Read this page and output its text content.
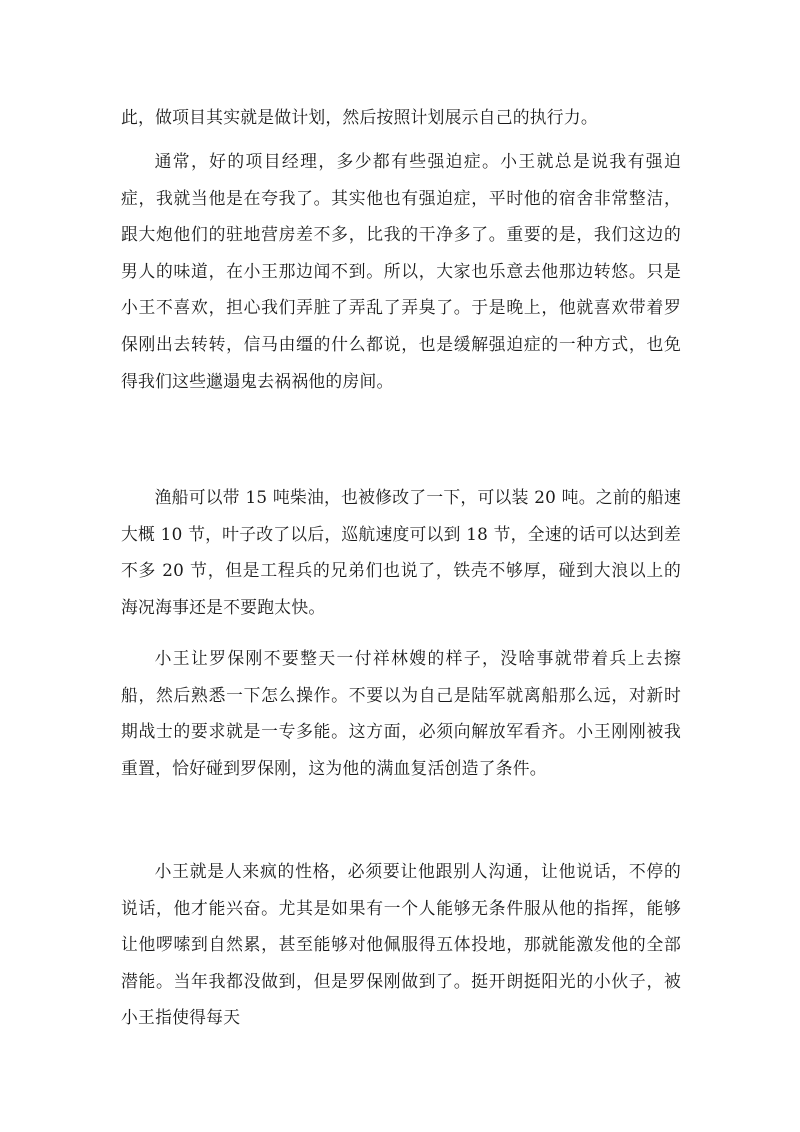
此，做项目其实就是做计划，然后按照计划展示自己的执行力。

通常，好的项目经理，多少都有些强迫症。小王就总是说我有强迫症，我就当他是在夸我了。其实他也有强迫症，平时他的宿舍非常整洁，跟大炮他们的驻地营房差不多，比我的干净多了。重要的是，我们这边的男人的味道，在小王那边闻不到。所以，大家也乐意去他那边转悠。只是小王不喜欢，担心我们弄脏了弄乱了弄臭了。于是晚上，他就喜欢带着罗保刚出去转转，信马由缰的什么都说，也是缓解强迫症的一种方式，也免得我们这些邋遢鬼去祸祸他的房间。

渔船可以带 15 吨柴油，也被修改了一下，可以装 20 吨。之前的船速大概 10 节，叶子改了以后，巡航速度可以到 18 节，全速的话可以达到差不多 20 节，但是工程兵的兄弟们也说了，铁壳不够厚，碰到大浪以上的海况海事还是不要跑太快。

小王让罗保刚不要整天一付祥林嫂的样子，没啥事就带着兵上去擦船，然后熟悉一下怎么操作。不要以为自己是陆军就离船那么远，对新时期战士的要求就是一专多能。这方面，必须向解放军看齐。小王刚刚被我重置，恰好碰到罗保刚，这为他的满血复活创造了条件。

小王就是人来疯的性格，必须要让他跟别人沟通，让他说话，不停的说话，他才能兴奋。尤其是如果有一个人能够无条件服从他的指挥，能够让他啰嗦到自然累，甚至能够对他佩服得五体投地，那就能激发他的全部潜能。当年我都没做到，但是罗保刚做到了。挺开朗挺阳光的小伙子，被小王指使得每天
